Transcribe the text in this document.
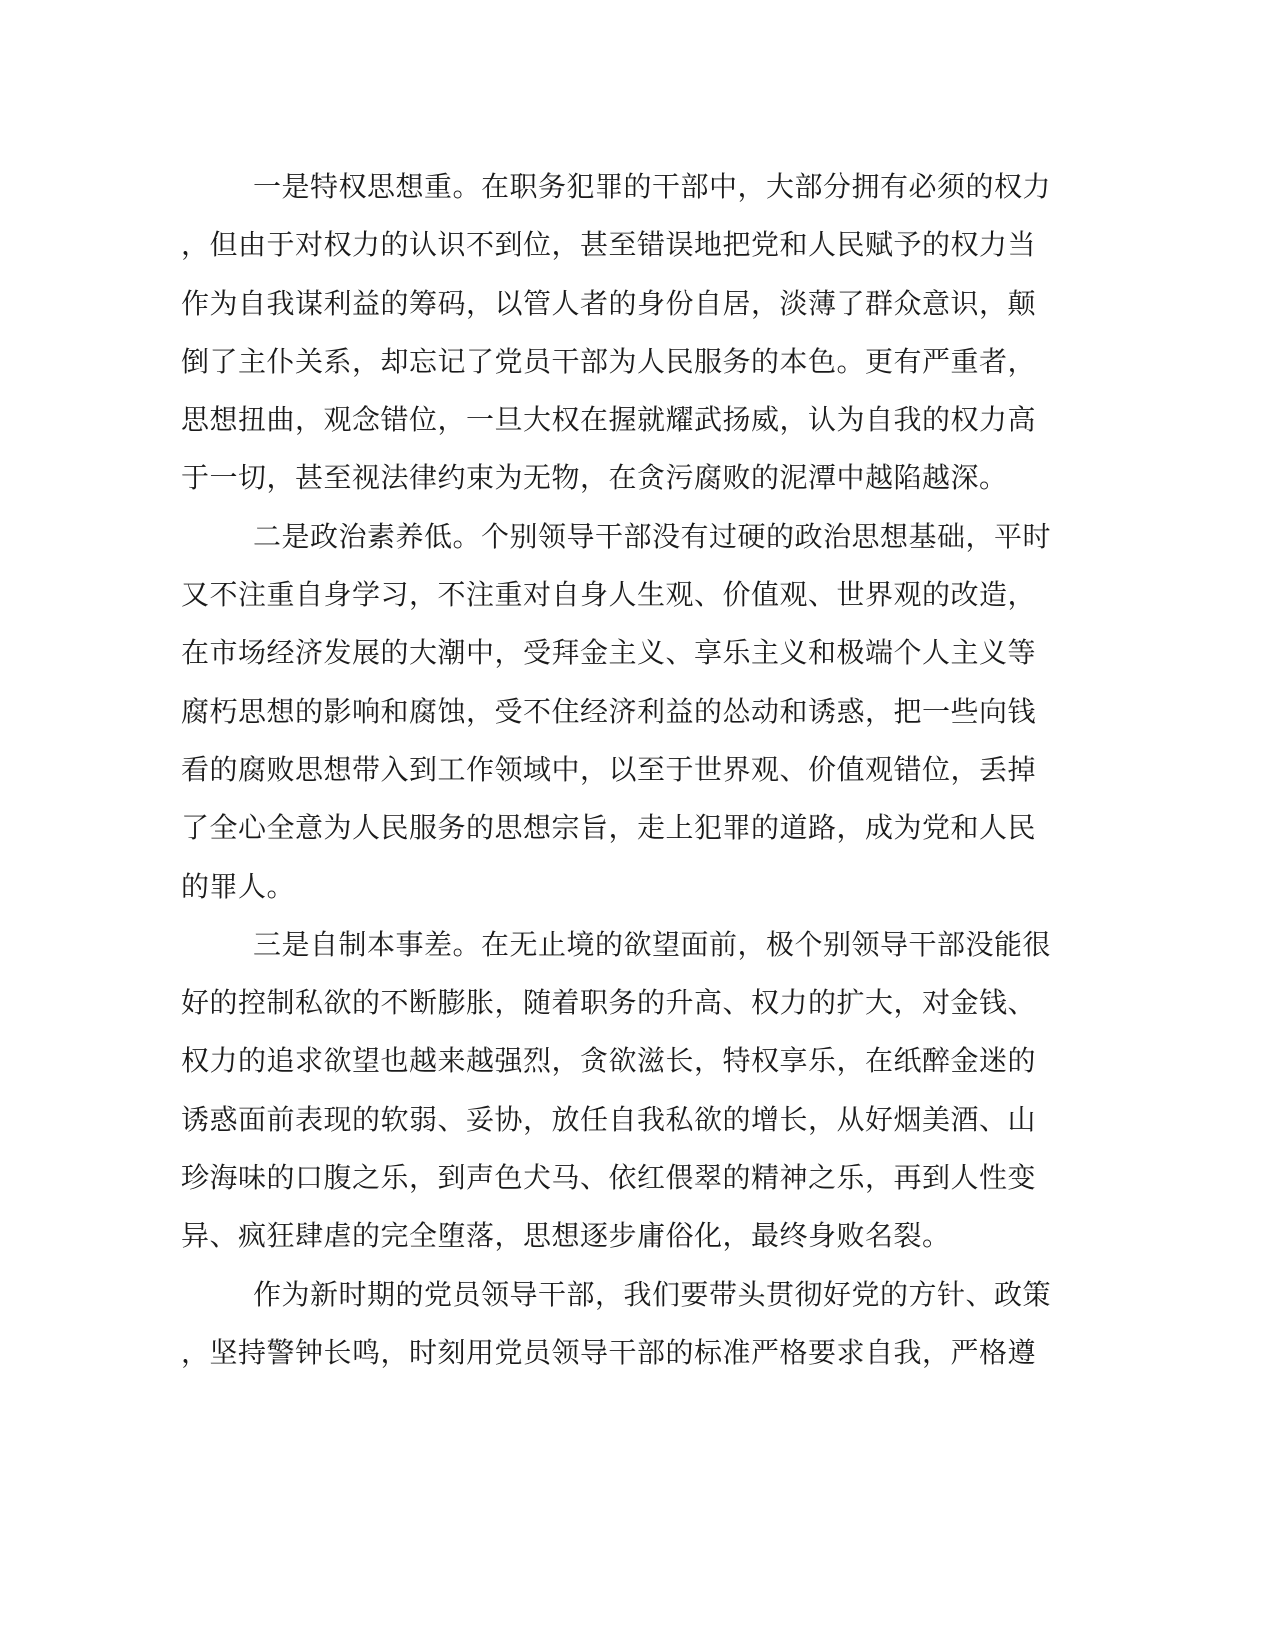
一是特权思想重。在职务犯罪的干部中，大部分拥有必须的权力
，但由于对权力的认识不到位，甚至错误地把党和人民赋予的权力当
作为自我谋利益的筹码，以管人者的身份自居，淡薄了群众意识，颠
倒了主仆关系，却忘记了党员干部为人民服务的本色。更有严重者，
思想扭曲，观念错位，一旦大权在握就耀武扬威，认为自我的权力高
于一切，甚至视法律约束为无物，在贪污腐败的泥潭中越陷越深。
二是政治素养低。个别领导干部没有过硬的政治思想基础，平时
又不注重自身学习，不注重对自身人生观、价值观、世界观的改造，
在市场经济发展的大潮中，受拜金主义、享乐主义和极端个人主义等
腐朽思想的影响和腐蚀，受不住经济利益的怂动和诱惑，把一些向钱
看的腐败思想带入到工作领域中，以至于世界观、价值观错位，丢掉
了全心全意为人民服务的思想宗旨，走上犯罪的道路，成为党和人民
的罪人。
三是自制本事差。在无止境的欲望面前，极个别领导干部没能很
好的控制私欲的不断膨胀，随着职务的升高、权力的扩大，对金钱、
权力的追求欲望也越来越强烈，贪欲滋长，特权享乐，在纸醉金迷的
诱惑面前表现的软弱、妥协，放任自我私欲的增长，从好烟美酒、山
珍海味的口腹之乐，到声色犬马、依红偎翠的精神之乐，再到人性变
异、疯狂肆虐的完全堕落，思想逐步庸俗化，最终身败名裂。
作为新时期的党员领导干部，我们要带头贯彻好党的方针、政策
，坚持警钟长鸣，时刻用党员领导干部的标准严格要求自我，严格遵
